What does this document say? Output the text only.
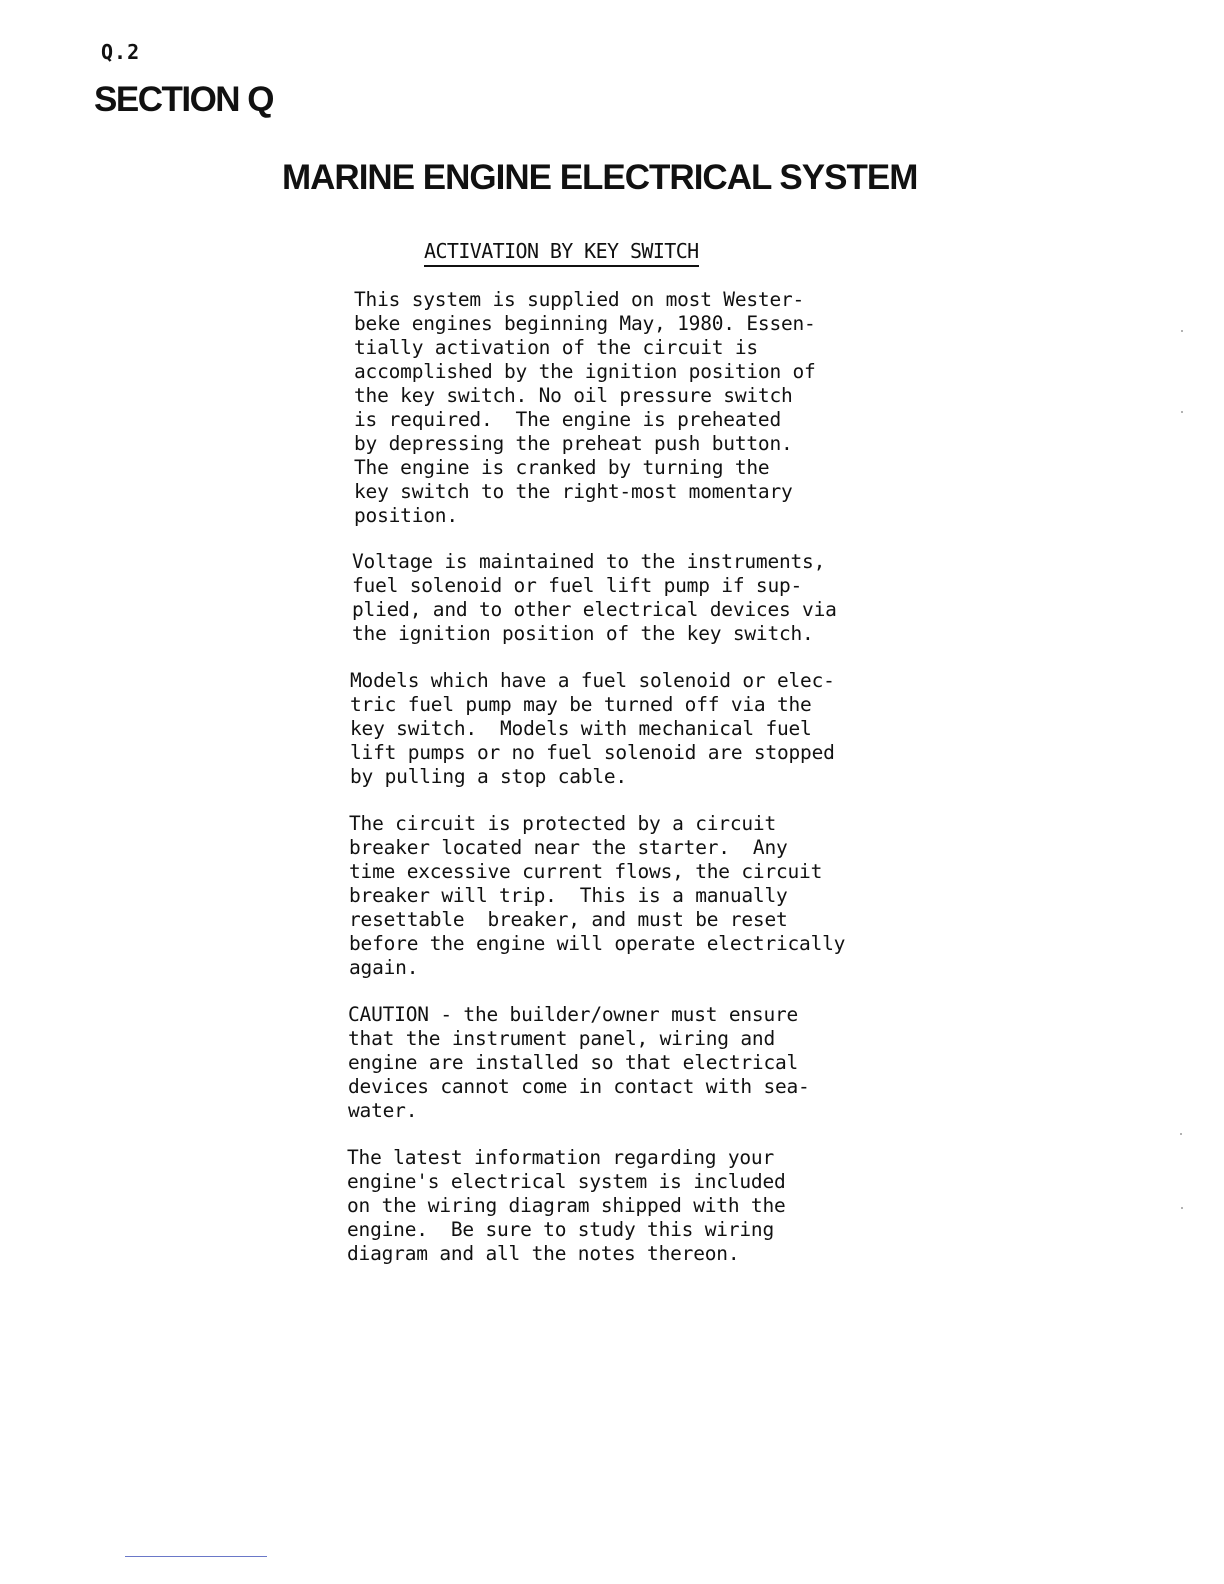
Q.2
SECTION Q
MARINE ENGINE ELECTRICAL SYSTEM
ACTIVATION BY KEY SWITCH
This system is supplied on most Wester-
beke engines beginning May, 1980. Essen-
tially activation of the circuit is
accomplished by the ignition position of
the key switch. No oil pressure switch
is required.  The engine is preheated
by depressing the preheat push button.
The engine is cranked by turning the
key switch to the right-most momentary
position.
Voltage is maintained to the instruments,
fuel solenoid or fuel lift pump if sup-
plied, and to other electrical devices via
the ignition position of the key switch.
Models which have a fuel solenoid or elec-
tric fuel pump may be turned off via the
key switch.  Models with mechanical fuel
lift pumps or no fuel solenoid are stopped
by pulling a stop cable.
The circuit is protected by a circuit
breaker located near the starter.  Any
time excessive current flows, the circuit
breaker will trip.  This is a manually
resettable  breaker, and must be reset
before the engine will operate electrically
again.
CAUTION - the builder/owner must ensure
that the instrument panel, wiring and
engine are installed so that electrical
devices cannot come in contact with sea-
water.
The latest information regarding your
engine's electrical system is included
on the wiring diagram shipped with the
engine.  Be sure to study this wiring
diagram and all the notes thereon.
